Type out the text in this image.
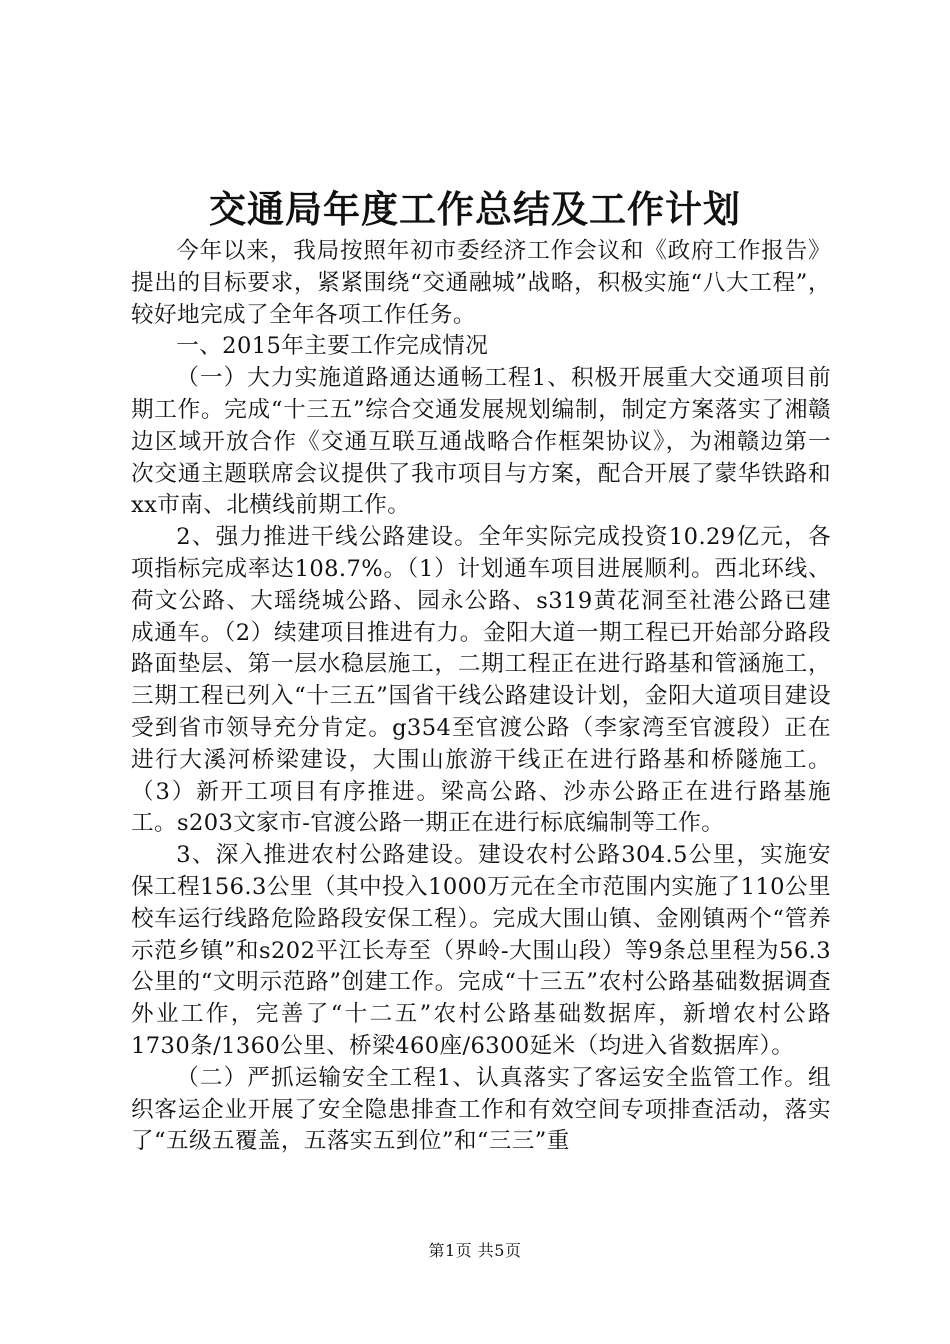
交通局年度工作总结及工作计划

今年以来，我局按照年初市委经济工作会议和《政府工作报告》提出的目标要求，紧紧围绕“交通融城”战略，积极实施“八大工程”，较好地完成了全年各项工作任务。

一、2015年主要工作完成情况

（一）大力实施道路通达通畅工程1、积极开展重大交通项目前期工作。完成“十三五”综合交通发展规划编制，制定方案落实了湘赣边区域开放合作《交通互联互通战略合作框架协议》，为湘赣边第一次交通主题联席会议提供了我市项目与方案，配合开展了蒙华铁路和xx市南、北横线前期工作。

2、强力推进干线公路建设。全年实际完成投资10.29亿元，各项指标完成率达108.7%。（1）计划通车项目进展顺利。西北环线、荷文公路、大瑶绕城公路、园永公路、s319黄花洞至社港公路已建成通车。（2）续建项目推进有力。金阳大道一期工程已开始部分路段路面垫层、第一层水稳层施工，二期工程正在进行路基和管涵施工，三期工程已列入“十三五”国省干线公路建设计划，金阳大道项目建设受到省市领导充分肯定。g354至官渡公路（李家湾至官渡段）正在进行大溪河桥梁建设，大围山旅游干线正在进行路基和桥隧施工。（3）新开工项目有序推进。梁高公路、沙赤公路正在进行路基施工。s203文家市-官渡公路一期正在进行标底编制等工作。

3、深入推进农村公路建设。建设农村公路304.5公里，实施安保工程156.3公里（其中投入1000万元在全市范围内实施了110公里校车运行线路危险路段安保工程）。完成大围山镇、金刚镇两个“管养示范乡镇”和s202平江长寿至（界岭-大围山段）等9条总里程为56.3公里的“文明示范路”创建工作。完成“十三五”农村公路基础数据调查外业工作，完善了“十二五”农村公路基础数据库，新增农村公路1730条/1360公里、桥梁460座/6300延米（均进入省数据库）。

（二）严抓运输安全工程1、认真落实了客运安全监管工作。组织客运企业开展了安全隐患排查工作和有效空间专项排查活动，落实了“五级五覆盖，五落实五到位”和“三三”重

第1页 共5页
